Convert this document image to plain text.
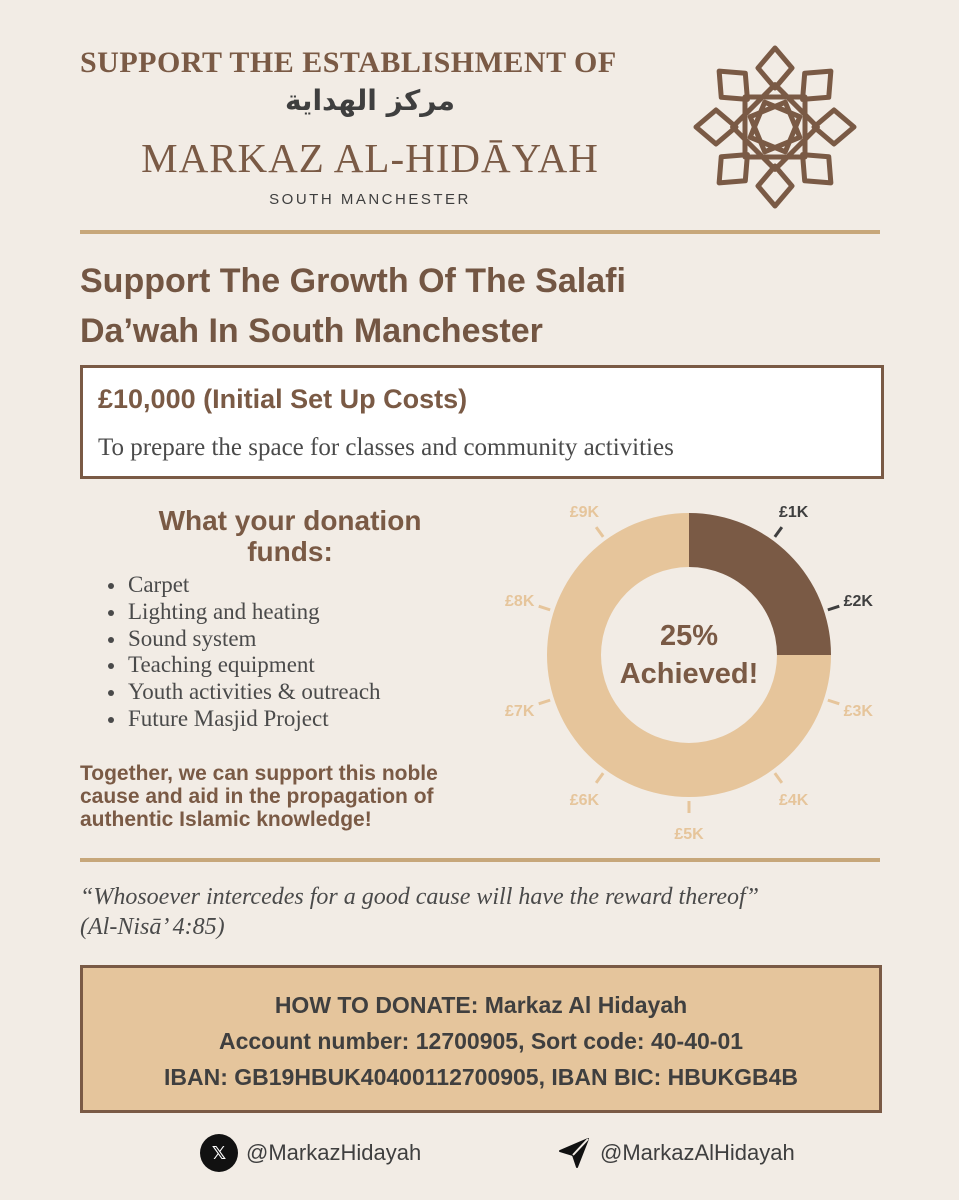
SUPPORT THE ESTABLISHMENT OF
مركز الهداية
MARKAZ AL-HIDĀYAH
SOUTH MANCHESTER
Support The Growth Of The Salafi
Da’wah In South Manchester
£10,000 (Initial Set Up Costs)
To prepare the space for classes and community activities
What your donation
funds:
Carpet
Lighting and heating
Sound system
Teaching equipment
Youth activities & outreach
Future Masjid Project
Together, we can support this noble
cause and aid in the propagation of
authentic Islamic knowledge!
£1K
£2K
£3K
£4K
£5K
£6K
£7K
£8K
£9K
25%
Achieved!
“Whosoever intercedes for a good cause will have the reward thereof”
(Al-Nisā’ 4:85)
HOW TO DONATE: Markaz Al Hidayah
Account number: 12700905, Sort code: 40-40-01
IBAN: GB19HBUK40400112700905, IBAN BIC: HBUKGB4B
𝕏 @MarkazHidayah	@MarkazAlHidayah
